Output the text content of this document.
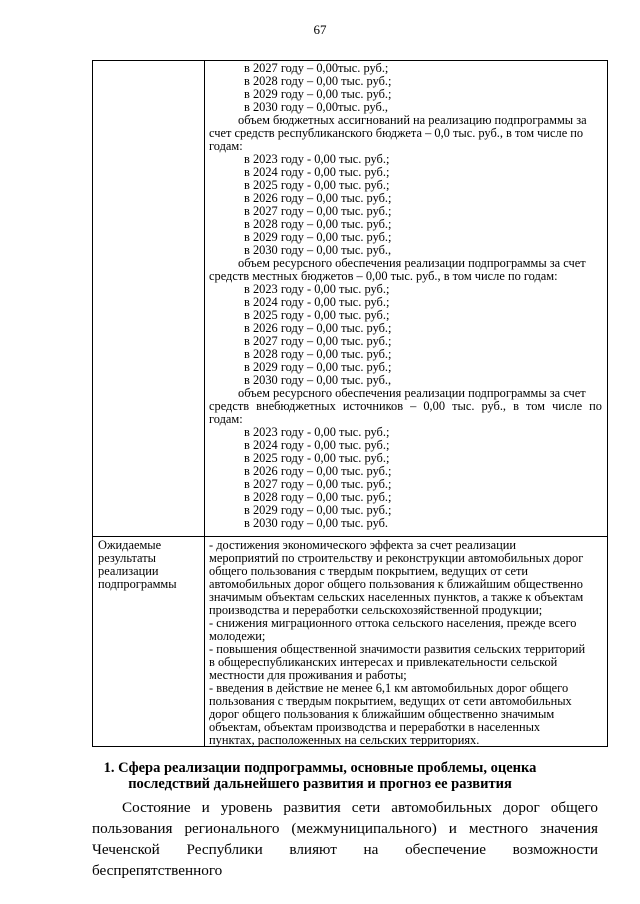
67
в 2027 году – 0,00тыс. руб.;
в 2028 году – 0,00 тыс. руб.;
в 2029 году – 0,00 тыс. руб.;
в 2030 году – 0,00тыс. руб.,
объем бюджетных ассигнований на реализацию подпрограммы за
счет средств республиканского бюджета – 0,0 тыс. руб., в том числе по
годам:
в 2023 году - 0,00 тыс. руб.;
в 2024 году - 0,00 тыс. руб.;
в 2025 году - 0,00 тыс. руб.;
в 2026 году – 0,00 тыс. руб.;
в 2027 году – 0,00 тыс. руб.;
в 2028 году – 0,00 тыс. руб.;
в 2029 году – 0,00 тыс. руб.;
в 2030 году – 0,00 тыс. руб.,
объем ресурсного обеспечения реализации подпрограммы за счет
средств местных бюджетов – 0,00 тыс. руб., в том числе по годам:
в 2023 году - 0,00 тыс. руб.;
в 2024 году - 0,00 тыс. руб.;
в 2025 году - 0,00 тыс. руб.;
в 2026 году – 0,00 тыс. руб.;
в 2027 году – 0,00 тыс. руб.;
в 2028 году – 0,00 тыс. руб.;
в 2029 году – 0,00 тыс. руб.;
в 2030 году – 0,00 тыс. руб.,
объем ресурсного обеспечения реализации подпрограммы за счет
средств внебюджетных источников – 0,00 тыс. руб., в том числе по
годам:
в 2023 году - 0,00 тыс. руб.;
в 2024 году - 0,00 тыс. руб.;
в 2025 году - 0,00 тыс. руб.;
в 2026 году – 0,00 тыс. руб.;
в 2027 году – 0,00 тыс. руб.;
в 2028 году – 0,00 тыс. руб.;
в 2029 году – 0,00 тыс. руб.;
в 2030 году – 0,00 тыс. руб.
Ожидаемые
результаты
реализации
подпрограммы
- достижения экономического эффекта за счет реализации
мероприятий по строительству и реконструкции автомобильных дорог
общего пользования с твердым покрытием, ведущих от сети
автомобильных дорог общего пользования к ближайшим общественно
значимым объектам сельских населенных пунктов, а также к объектам
производства и переработки сельскохозяйственной продукции;
- снижения миграционного оттока сельского населения, прежде всего
молодежи;
- повышения общественной значимости развития сельских территорий
в общереспубликанских интересах и привлекательности сельской
местности для проживания и работы;
- введения в действие не менее 6,1 км автомобильных дорог общего
пользования с твердым покрытием, ведущих от сети автомобильных
дорог общего пользования к ближайшим общественно значимым
объектам, объектам производства и переработки в населенных
пунктах, расположенных на сельских территориях.
1. Сфера реализации подпрограммы, основные проблемы, оценка
последствий дальнейшего развития и прогноз ее развития
Состояние и уровень развития сети автомобильных дорог общего
пользования регионального (межмуниципального) и местного значения
Чеченской Республики влияют на обеспечение возможности беспрепятственного
